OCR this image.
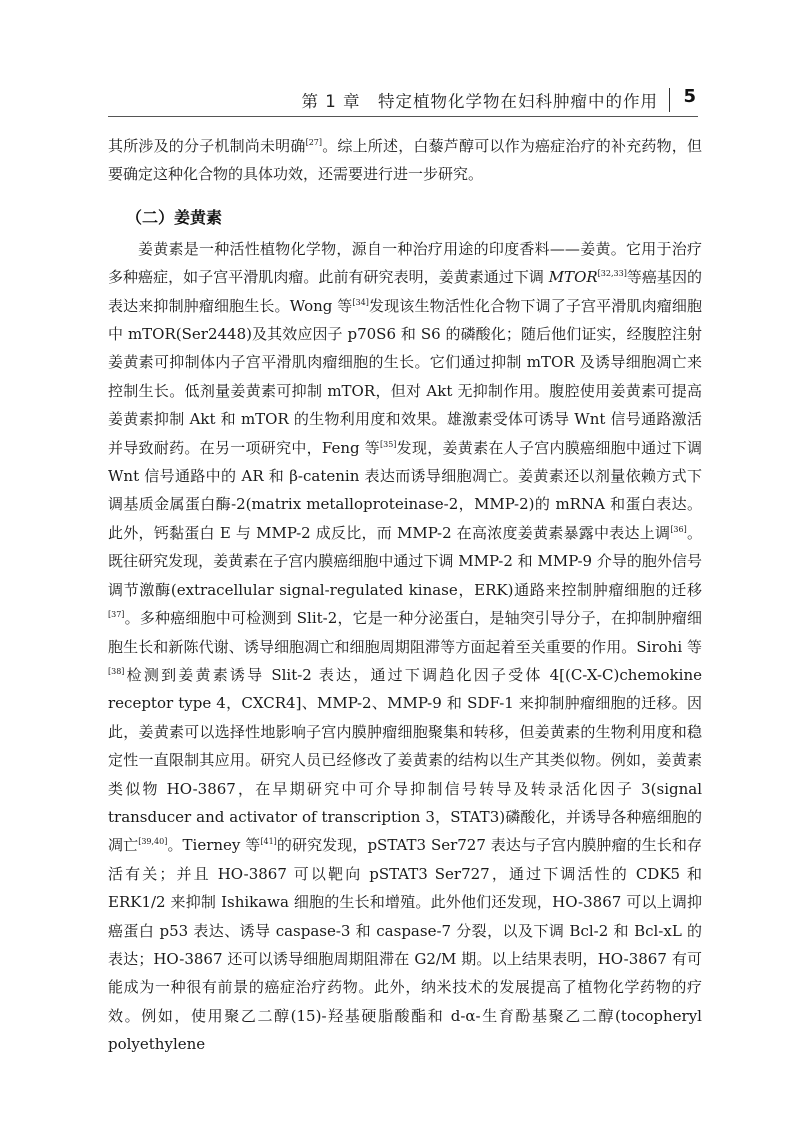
第 1 章　特定植物化学物在妇科肿瘤中的作用 5

其所涉及的分子机制尚未明确[27]。综上所述，白藜芦醇可以作为癌症治疗的补充药物，但要确定这种化合物的具体功效，还需要进行进一步研究。

（二）姜黄素

姜黄素是一种活性植物化学物，源自一种治疗用途的印度香料——姜黄。它用于治疗多种癌症，如子宫平滑肌肉瘤。此前有研究表明，姜黄素通过下调 MTOR[32,33]等癌基因的表达来抑制肿瘤细胞生长。Wong 等[34]发现该生物活性化合物下调了子宫平滑肌肉瘤细胞中 mTOR(Ser2448)及其效应因子 p70S6 和 S6 的磷酸化；随后他们证实，经腹腔注射姜黄素可抑制体内子宫平滑肌肉瘤细胞的生长。它们通过抑制 mTOR 及诱导细胞凋亡来控制生长。低剂量姜黄素可抑制 mTOR，但对 Akt 无抑制作用。腹腔使用姜黄素可提高姜黄素抑制 Akt 和 mTOR 的生物利用度和效果。雄激素受体可诱导 Wnt 信号通路激活并导致耐药。在另一项研究中，Feng 等[35]发现，姜黄素在人子宫内膜癌细胞中通过下调 Wnt 信号通路中的 AR 和 β-catenin 表达而诱导细胞凋亡。姜黄素还以剂量依赖方式下调基质金属蛋白酶-2(matrix metalloproteinase-2，MMP-2)的 mRNA 和蛋白表达。此外，钙黏蛋白 E 与 MMP-2 成反比，而 MMP-2 在高浓度姜黄素暴露中表达上调[36]。既往研究发现，姜黄素在子宫内膜癌细胞中通过下调 MMP-2 和 MMP-9 介导的胞外信号调节激酶(extracellular signal-regulated kinase，ERK)通路来控制肿瘤细胞的迁移[37]。多种癌细胞中可检测到 Slit-2，它是一种分泌蛋白，是轴突引导分子，在抑制肿瘤细胞生长和新陈代谢、诱导细胞凋亡和细胞周期阻滞等方面起着至关重要的作用。Sirohi 等[38]检测到姜黄素诱导 Slit-2 表达，通过下调趋化因子受体 4[(C-X-C)chemokine receptor type 4，CXCR4]、MMP-2、MMP-9 和 SDF-1 来抑制肿瘤细胞的迁移。因此，姜黄素可以选择性地影响子宫内膜肿瘤细胞聚集和转移，但姜黄素的生物利用度和稳定性一直限制其应用。研究人员已经修改了姜黄素的结构以生产其类似物。例如，姜黄素类似物 HO-3867，在早期研究中可介导抑制信号转导及转录活化因子 3(signal transducer and activator of transcription 3，STAT3)磷酸化，并诱导各种癌细胞的凋亡[39,40]。Tierney 等[41]的研究发现，pSTAT3 Ser727 表达与子宫内膜肿瘤的生长和存活有关；并且 HO-3867 可以靶向 pSTAT3 Ser727，通过下调活性的 CDK5 和 ERK1/2 来抑制 Ishikawa 细胞的生长和增殖。此外他们还发现，HO-3867 可以上调抑癌蛋白 p53 表达、诱导 caspase-3 和 caspase-7 分裂，以及下调 Bcl-2 和 Bcl-xL 的表达；HO-3867 还可以诱导细胞周期阻滞在 G2/M 期。以上结果表明，HO-3867 有可能成为一种很有前景的癌症治疗药物。此外，纳米技术的发展提高了植物化学药物的疗效。例如，使用聚乙二醇(15)-羟基硬脂酸酯和 d-α-生育酚基聚乙二醇(tocopheryl polyethylene
